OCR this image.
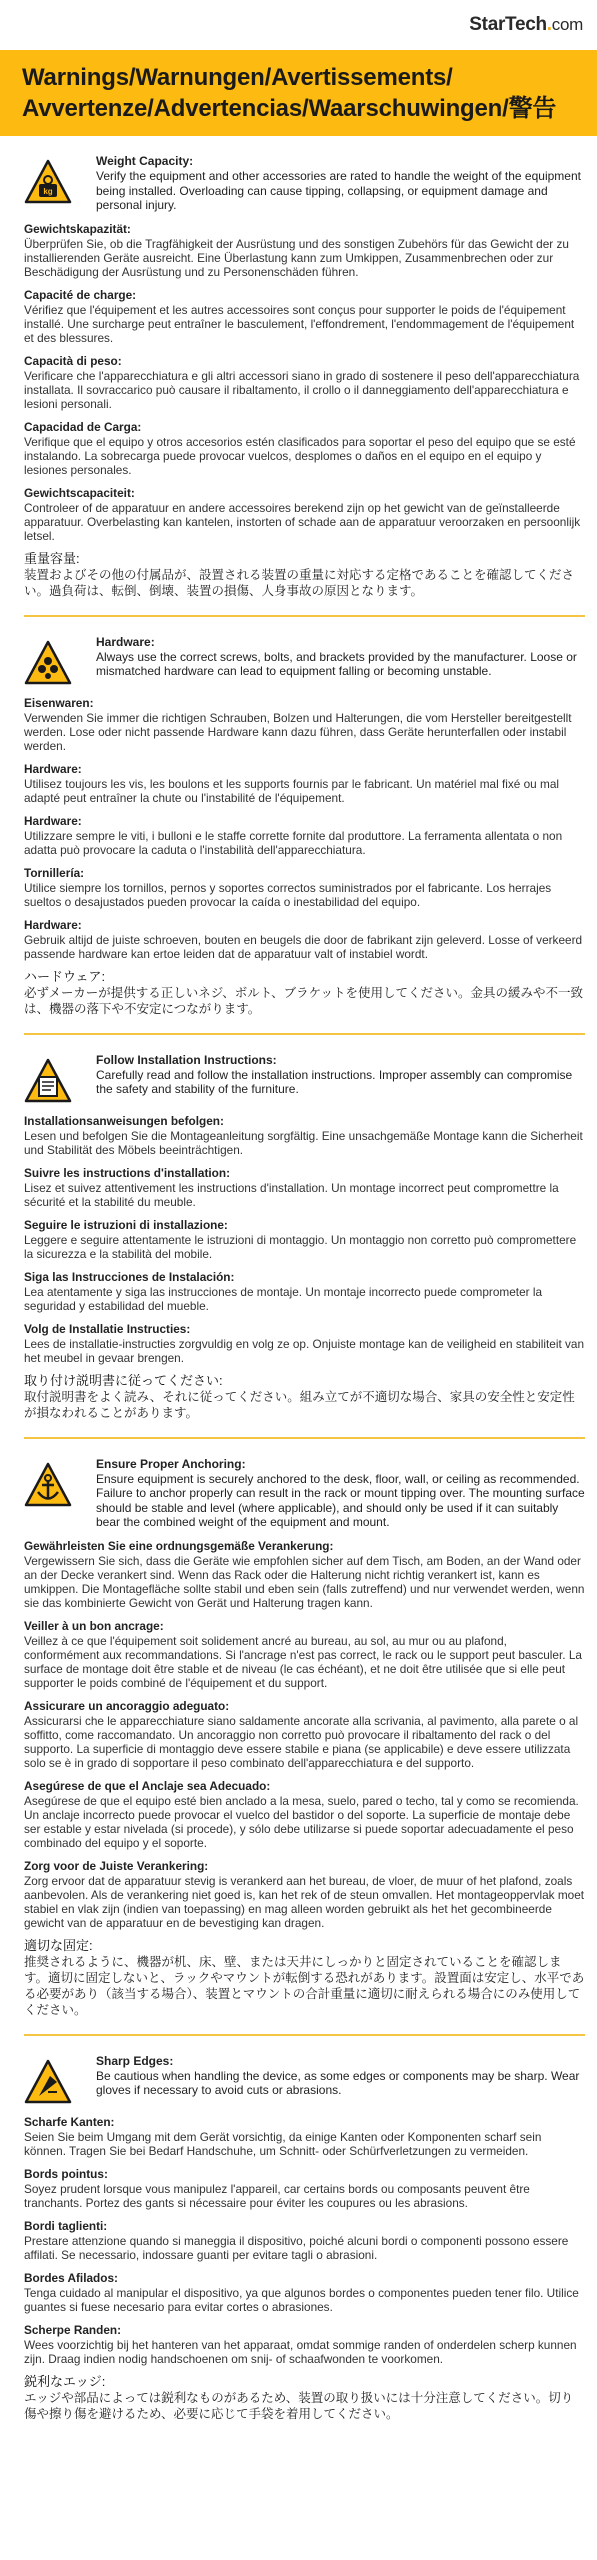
StarTech.com
Warnings/Warnungen/Avertissements/ Avvertenze/Advertencias/Waarschuwingen/警告
kg
Weight Capacity:
Verify the equipment and other accessories are rated to handle the weight of the equipment being installed. Overloading can cause tipping, collapsing, or equipment damage and personal injury.
Gewichtskapazität:
Überprüfen Sie, ob die Tragfähigkeit der Ausrüstung und des sonstigen Zubehörs für das Gewicht der zu installierenden Geräte ausreicht. Eine Überlastung kann zum Umkippen, Zusammenbrechen oder zur Beschädigung der Ausrüstung und zu Personenschäden führen.
Capacité de charge:
Vérifiez que l'équipement et les autres accessoires sont conçus pour supporter le poids de l'équipement installé. Une surcharge peut entraîner le basculement, l'effondrement, l'endommagement de l'équipement et des blessures.
Capacità di peso:
Verificare che l'apparecchiatura e gli altri accessori siano in grado di sostenere il peso dell'apparecchiatura installata. Il sovraccarico può causare il ribaltamento, il crollo o il danneggiamento dell'apparecchiatura e lesioni personali.
Capacidad de Carga:
Verifique que el equipo y otros accesorios estén clasificados para soportar el peso del equipo que se esté instalando. La sobrecarga puede provocar vuelcos, desplomes o daños en el equipo en el equipo y lesiones personales.
Gewichtscapaciteit:
Controleer of de apparatuur en andere accessoires berekend zijn op het gewicht van de geïnstalleerde apparatuur. Overbelasting kan kantelen, instorten of schade aan de apparatuur veroorzaken en persoonlijk letsel.
重量容量:
装置およびその他の付属品が、設置される装置の重量に対応する定格であることを確認してください。過負荷は、転倒、倒壊、装置の損傷、人身事故の原因となります。
Hardware:
Always use the correct screws, bolts, and brackets provided by the manufacturer. Loose or mismatched hardware can lead to equipment falling or becoming unstable.
Eisenwaren:
Verwenden Sie immer die richtigen Schrauben, Bolzen und Halterungen, die vom Hersteller bereitgestellt werden. Lose oder nicht passende Hardware kann dazu führen, dass Geräte herunterfallen oder instabil werden.
Hardware:
Utilisez toujours les vis, les boulons et les supports fournis par le fabricant. Un matériel mal fixé ou mal adapté peut entraîner la chute ou l'instabilité de l'équipement.
Hardware:
Utilizzare sempre le viti, i bulloni e le staffe corrette fornite dal produttore. La ferramenta allentata o non adatta può provocare la caduta o l'instabilità dell'apparecchiatura.
Tornillería:
Utilice siempre los tornillos, pernos y soportes correctos suministrados por el fabricante. Los herrajes sueltos o desajustados pueden provocar la caída o inestabilidad del equipo.
Hardware:
Gebruik altijd de juiste schroeven, bouten en beugels die door de fabrikant zijn geleverd. Losse of verkeerd passende hardware kan ertoe leiden dat de apparatuur valt of instabiel wordt.
ハードウェア:
必ずメーカーが提供する正しいネジ、ボルト、ブラケットを使用してください。金具の緩みや不一致は、機器の落下や不安定につながります。
Follow Installation Instructions:
Carefully read and follow the installation instructions. Improper assembly can compromise the safety and stability of the furniture.
Installationsanweisungen befolgen:
Lesen und befolgen Sie die Montageanleitung sorgfältig. Eine unsachgemäße Montage kann die Sicherheit und Stabilität des Möbels beeinträchtigen.
Suivre les instructions d'installation:
Lisez et suivez attentivement les instructions d'installation. Un montage incorrect peut compromettre la sécurité et la stabilité du meuble.
Seguire le istruzioni di installazione:
Leggere e seguire attentamente le istruzioni di montaggio. Un montaggio non corretto può compromettere la sicurezza e la stabilità del mobile.
Siga las Instrucciones de Instalación:
Lea atentamente y siga las instrucciones de montaje. Un montaje incorrecto puede comprometer la seguridad y estabilidad del mueble.
Volg de Installatie Instructies:
Lees de installatie-instructies zorgvuldig en volg ze op. Onjuiste montage kan de veiligheid en stabiliteit van het meubel in gevaar brengen.
取り付け説明書に従ってください:
取付説明書をよく読み、それに従ってください。組み立てが不適切な場合、家具の安全性と安定性が損なわれることがあります。
Ensure Proper Anchoring:
Ensure equipment is securely anchored to the desk, floor, wall, or ceiling as recommended. Failure to anchor properly can result in the rack or mount tipping over. The mounting surface should be stable and level (where applicable), and should only be used if it can suitably bear the combined weight of the equipment and mount.
Gewährleisten Sie eine ordnungsgemäße Verankerung:
Vergewissern Sie sich, dass die Geräte wie empfohlen sicher auf dem Tisch, am Boden, an der Wand oder an der Decke verankert sind. Wenn das Rack oder die Halterung nicht richtig verankert ist, kann es umkippen. Die Montagefläche sollte stabil und eben sein (falls zutreffend) und nur verwendet werden, wenn sie das kombinierte Gewicht von Gerät und Halterung tragen kann.
Veiller à un bon ancrage:
Veillez à ce que l'équipement soit solidement ancré au bureau, au sol, au mur ou au plafond, conformément aux recommandations. Si l'ancrage n'est pas correct, le rack ou le support peut basculer. La surface de montage doit être stable et de niveau (le cas échéant), et ne doit être utilisée que si elle peut supporter le poids combiné de l'équipement et du support.
Assicurare un ancoraggio adeguato:
Assicurarsi che le apparecchiature siano saldamente ancorate alla scrivania, al pavimento, alla parete o al soffitto, come raccomandato. Un ancoraggio non corretto può provocare il ribaltamento del rack o del supporto. La superficie di montaggio deve essere stabile e piana (se applicabile) e deve essere utilizzata solo se è in grado di sopportare il peso combinato dell'apparecchiatura e del supporto.
Asegúrese de que el Anclaje sea Adecuado:
Asegúrese de que el equipo esté bien anclado a la mesa, suelo, pared o techo, tal y como se recomienda. Un anclaje incorrecto puede provocar el vuelco del bastidor o del soporte. La superficie de montaje debe ser estable y estar nivelada (si procede), y sólo debe utilizarse si puede soportar adecuadamente el peso combinado del equipo y el soporte.
Zorg voor de Juiste Verankering:
Zorg ervoor dat de apparatuur stevig is verankerd aan het bureau, de vloer, de muur of het plafond, zoals aanbevolen. Als de verankering niet goed is, kan het rek of de steun omvallen. Het montageoppervlak moet stabiel en vlak zijn (indien van toepassing) en mag alleen worden gebruikt als het het gecombineerde gewicht van de apparatuur en de bevestiging kan dragen.
適切な固定:
推奨されるように、機器が机、床、壁、または天井にしっかりと固定されていることを確認します。適切に固定しないと、ラックやマウントが転倒する恐れがあります。設置面は安定し、水平である必要があり（該当する場合）、装置とマウントの合計重量に適切に耐えられる場合にのみ使用してください。
Sharp Edges:
Be cautious when handling the device, as some edges or components may be sharp. Wear gloves if necessary to avoid cuts or abrasions.
Scharfe Kanten:
Seien Sie beim Umgang mit dem Gerät vorsichtig, da einige Kanten oder Komponenten scharf sein können. Tragen Sie bei Bedarf Handschuhe, um Schnitt- oder Schürfverletzungen zu vermeiden.
Bords pointus:
Soyez prudent lorsque vous manipulez l'appareil, car certains bords ou composants peuvent être tranchants. Portez des gants si nécessaire pour éviter les coupures ou les abrasions.
Bordi taglienti:
Prestare attenzione quando si maneggia il dispositivo, poiché alcuni bordi o componenti possono essere affilati. Se necessario, indossare guanti per evitare tagli o abrasioni.
Bordes Afilados:
Tenga cuidado al manipular el dispositivo, ya que algunos bordes o componentes pueden tener filo. Utilice guantes si fuese necesario para evitar cortes o abrasiones.
Scherpe Randen:
Wees voorzichtig bij het hanteren van het apparaat, omdat sommige randen of onderdelen scherp kunnen zijn. Draag indien nodig handschoenen om snij- of schaafwonden te voorkomen.
鋭利なエッジ:
エッジや部品によっては鋭利なものがあるため、装置の取り扱いには十分注意してください。切り傷や擦り傷を避けるため、必要に応じて手袋を着用してください。
